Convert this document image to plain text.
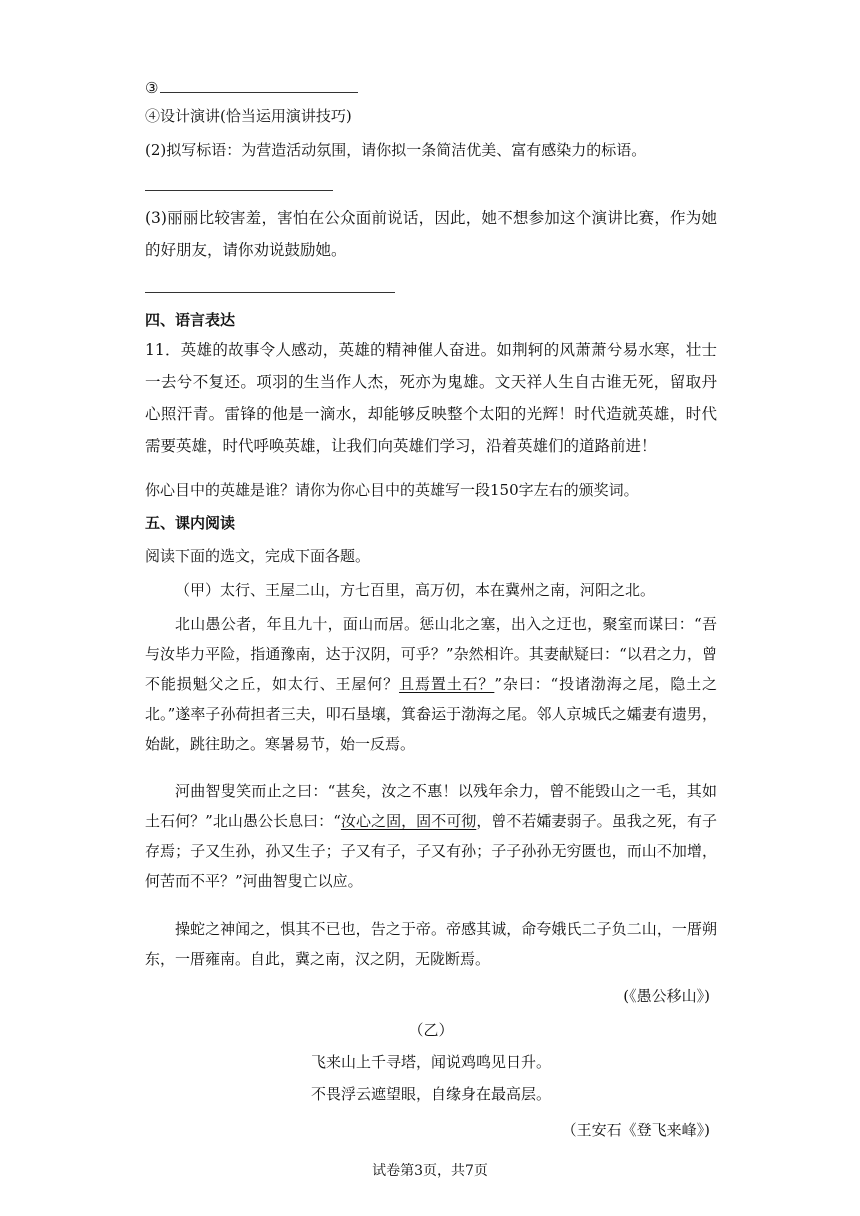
③
④设计演讲(恰当运用演讲技巧)
(2)拟写标语：为营造活动氛围，请你拟一条简洁优美、富有感染力的标语。
(3)丽丽比较害羞，害怕在公众面前说话，因此，她不想参加这个演讲比赛，作为她的好朋友，请你劝说鼓励她。
四、语言表达
11．英雄的故事令人感动，英雄的精神催人奋进。如荆轲的风萧萧兮易水寒，壮士一去兮不复还。项羽的生当作人杰，死亦为鬼雄。文天祥人生自古谁无死，留取丹心照汗青。雷锋的他是一滴水，却能够反映整个太阳的光辉！时代造就英雄，时代需要英雄，时代呼唤英雄，让我们向英雄们学习，沿着英雄们的道路前进！
你心目中的英雄是谁？请你为你心目中的英雄写一段150字左右的颁奖词。
五、课内阅读
阅读下面的选文，完成下面各题。
（甲）太行、王屋二山，方七百里，高万仞，本在冀州之南，河阳之北。
北山愚公者，年且九十，面山而居。惩山北之塞，出入之迂也，聚室而谋曰：“吾与汝毕力平险，指通豫南，达于汉阴，可乎？”杂然相许。其妻献疑曰：“以君之力，曾不能损魁父之丘，如太行、王屋何？且焉置土石？”杂曰：“投诸渤海之尾，隐土之北。”遂率子孙荷担者三夫，叩石垦壤，箕畚运于渤海之尾。邻人京城氏之孀妻有遗男，始龀，跳往助之。寒暑易节，始一反焉。
河曲智叟笑而止之曰：“甚矣，汝之不惠！以残年余力，曾不能毁山之一毛，其如土石何？”北山愚公长息曰：“汝心之固，固不可彻，曾不若孀妻弱子。虽我之死，有子存焉；子又生孙，孙又生子；子又有子，子又有孙；子子孙孙无穷匮也，而山不加增，何苦而不平？”河曲智叟亡以应。
操蛇之神闻之，惧其不已也，告之于帝。帝感其诚，命夸娥氏二子负二山，一厝朔东，一厝雍南。自此，冀之南，汉之阴，无陇断焉。
(《愚公移山》)
（乙）
飞来山上千寻塔，闻说鸡鸣见日升。
不畏浮云遮望眼，自缘身在最高层。
（王安石《登飞来峰》)
试卷第3页，共7页
